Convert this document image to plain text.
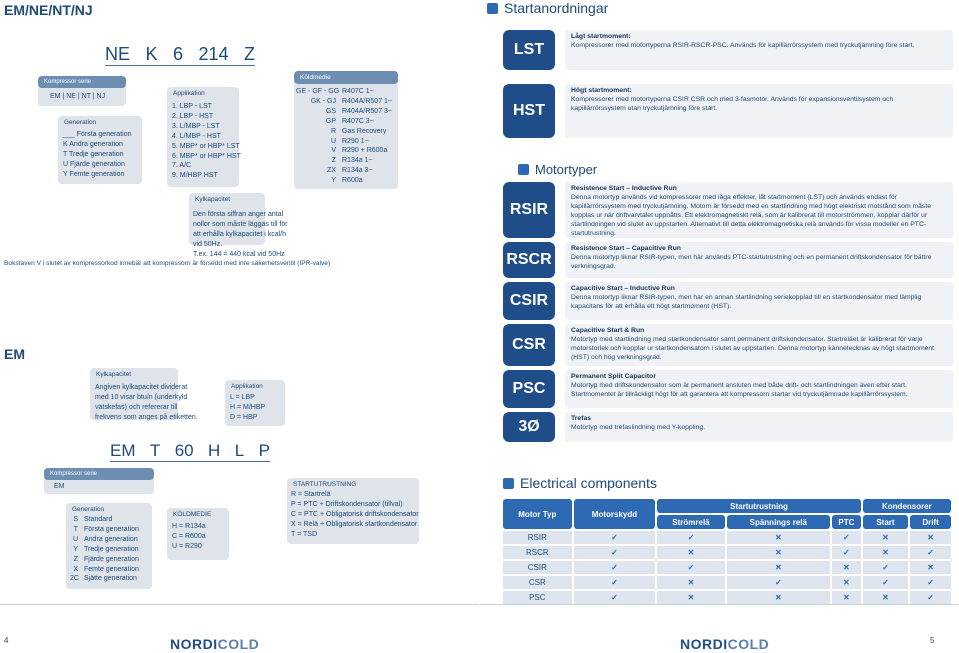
EM/NE/NT/NJ
NE K 6 214 Z
Kompressor serie
EM | NE | NT | NJ
Generation
___ Första generation
K Andra generation
T Tredje generation
U Fjärde generation
Y Femte generation
Applikation
1. LBP - LST
2. LBP - HST
3. L/MBP - LST
4. L/MBP - HST
5. MBP* or HBP* LST
6. MBP* or HBP* HST
7. A/C
9. M/HBP HST
Kylkapacitet
Den första siffran anger antal
nollor som måste läggas till för
att erhålla kylkapacitet i kcal/h
vid 50Hz.
T.ex. 144 = 440 kcal vid 50Hz
Köldmedie
GE - GF - GG R407C 1~
GK - GJ R404A/R507 1~
GS R404A/R507 3~
GP R407C 3~
R Gas Recovery
U R290 1~
V R290 + R600a
Z R134a 1~
ZX R134a 3~
Y R600a
Bokstaven V i slutet av kompressorkod innebär att kompressorn är försedd med inre säkerhetsventil (IPR-valve)
EM
Kylkapacitet
Angiven kylkapacitet dividerat
med 10 visar btu/n (underkyld
vätskefas) och refererar till
frekvens som anges på etiketten.
Applikation
L = LBP
H = M/HBP
D = HBP
EM T 60 H L P
Kompressor serie
EM
Generation
S Standard
T Första generation
U Andra generation
Y Tredje generation
Z Fjärde generation
X Femte generation
2C Sjätte generation
KÖLDMEDIE
H = R134a
C = R600a
U = R290
STARTUTRUSTNING
R = Startrelä
P = PTC + Driftskondensator (tillval)
C = PTC + Obligatorisk driftskondensator
X = Relä + Obligatorisk startkondensator
T = TSD
4	NORDICOLD
Startanordningar
LST
Lågt startmoment:
Kompressorer med motortyperna RSIR-RSCR-PSC. Används för kapillärrörssystem med tryckutjämning före start.
HST
Högt startmoment:
Kompressorer med motortyperna CSIR CSR och med 3-fasmotor. Används för expansionsventilsystem och kapillärrörssystem utan tryckutjämning före start.
Motortyper
RSIR
Resistence Start – Inductive Run
Denna motortyp används vid kompressorer med låga effekter, låt startmoment (LST) och används endast för kapillärrörssystem med tryckutjämning. Motorn är försedd med en startlindning med högt elektriskt motstånd som måste kopplas ur när driftvarvtalet uppnåtts. Ett elektromagnetiskt relä, som är kalibrerat till motorströmmen, kopplar därför ur startlindningen vid slutet av uppstarten. Alternativt till detta elektromagnetiska relä används för vissa modeller en PTC-startutrustning.
RSCR
Resistence Start – Capacitive Run
Denna motortyp liknar RSIR-typen, men här används PTC-startutrustning och en permanent driftskondensator för bättre verkningsgrad.
CSIR
Capacitive Start – Inductive Run
Denna motortyp liknar RSIR-typen, men har en annan startlindning seriekopplad till en startkondensator med lämplig kapacitans för att erhålla ett högt startmoment (HST).
CSR
Capacitive Start & Run
Motortyp med startlindning med startkondensator samt permanent driftskondensator. Startreläet är kalibrerat för varje motorstorlek och kopplar ur startkondensatorn i slutet av uppstarten. Denna motortyp kännetecknas av högt startmoment (HST) och hög verkningsgrad.
PSC
Permanent Split Capacitor
Motortyp med driftskondensator som är permanent ansluten med både drift- och startlindningen även efter start. Startmomentet är tillräckligt högt för att garantera att kompressorn startar vid tryckutjämnade kapillärrörssystem.
3Ø	Trefas
Motortyp med trefaslindning med Y-koppling.
Electrical components
Motor Typ	Motorskydd	Startutrustning			Kondensorer	
		Strömrelä	Spännings relä	PTC	Start	Drift
RSIR	✓	✓	✕	✓	✕	✕
RSCR	✓	✕	✕	✓	✕	✓
CSIR	✓	✓	✕	✕	✓	✕
CSR	✓	✕	✓	✕	✓	✓
PSC	✓	✕	✕	✕	✕	✓
NORDICOLD	5
